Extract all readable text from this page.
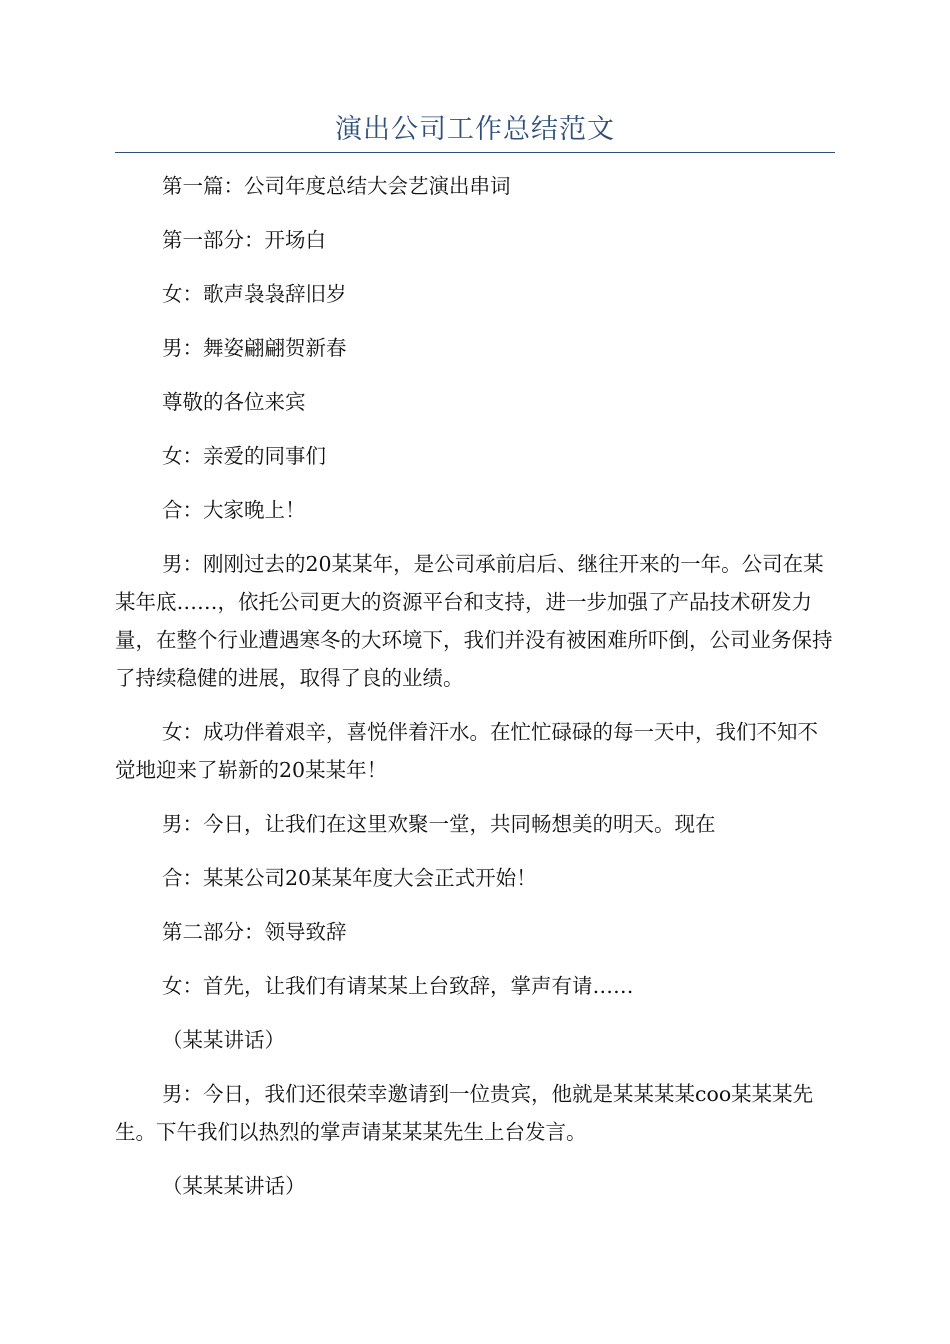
演出公司工作总结范文

第一篇：公司年度总结大会艺演出串词

第一部分：开场白

女：歌声袅袅辞旧岁

男：舞姿翩翩贺新春

尊敬的各位来宾

女：亲爱的同事们

合：大家晚上！

男：刚刚过去的20某某年，是公司承前启后、继往开来的一年。公司在某某年底……，依托公司更大的资源平台和支持，进一步加强了产品技术研发力量，在整个行业遭遇寒冬的大环境下，我们并没有被困难所吓倒，公司业务保持了持续稳健的进展，取得了良的业绩。

女：成功伴着艰辛，喜悦伴着汗水。在忙忙碌碌的每一天中，我们不知不觉地迎来了崭新的20某某年！

男：今日，让我们在这里欢聚一堂，共同畅想美的明天。现在

合：某某公司20某某年度大会正式开始！

第二部分：领导致辞

女：首先，让我们有请某某上台致辞，掌声有请……

（某某讲话）

男：今日，我们还很荣幸邀请到一位贵宾，他就是某某某某coo某某某先生。下午我们以热烈的掌声请某某某先生上台发言。

（某某某讲话）
